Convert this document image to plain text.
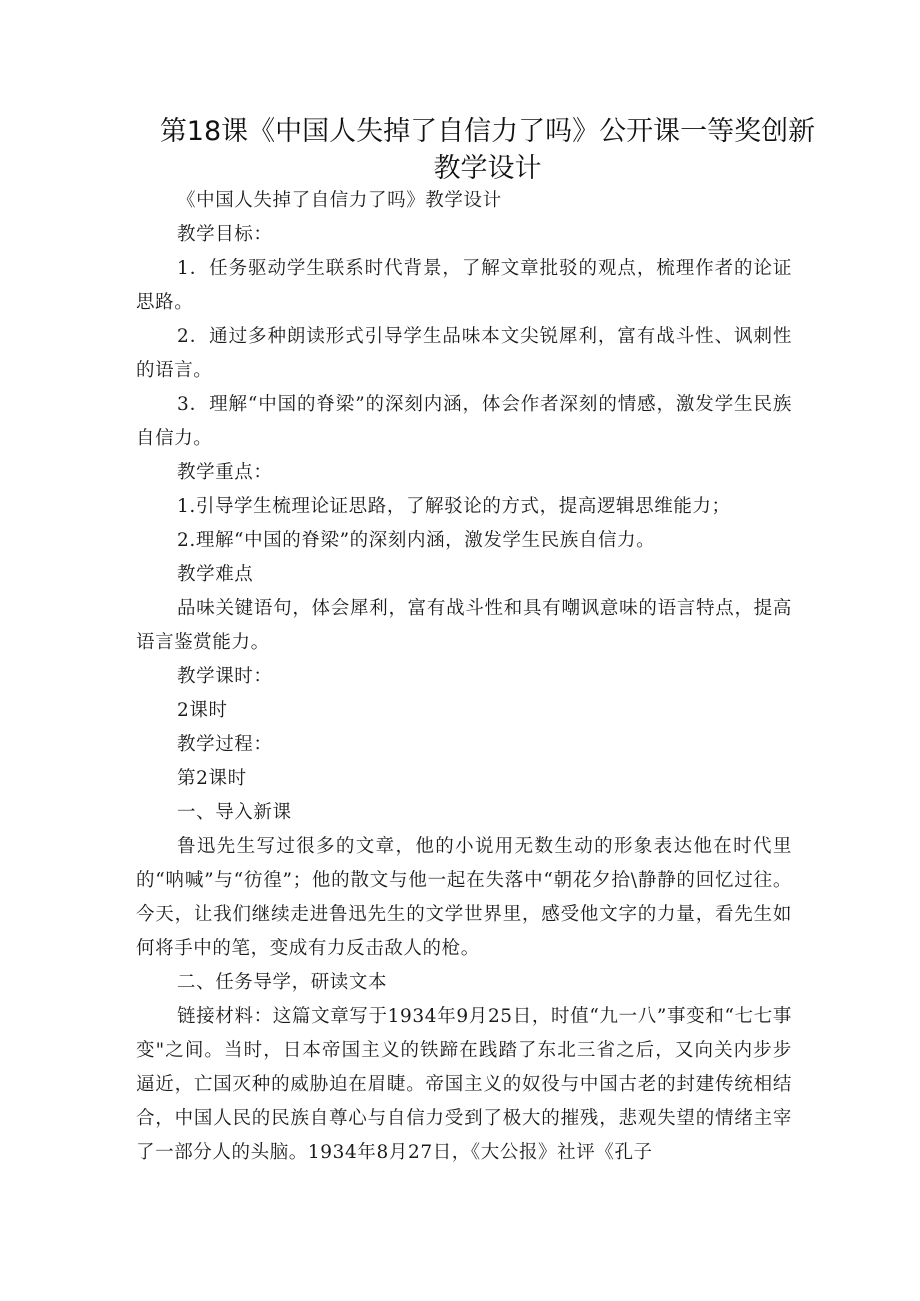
第18课《中国人失掉了自信力了吗》公开课一等奖创新
教学设计

《中国人失掉了自信力了吗》教学设计

教学目标：

1．任务驱动学生联系时代背景，了解文章批驳的观点，梳理作者的论证思路。

2．通过多种朗读形式引导学生品味本文尖锐犀利，富有战斗性、讽刺性的语言。

3．理解“中国的脊梁”的深刻内涵，体会作者深刻的情感，激发学生民族自信力。

教学重点：

1.引导学生梳理论证思路，了解驳论的方式，提高逻辑思维能力；

2.理解“中国的脊梁”的深刻内涵，激发学生民族自信力。

教学难点

品味关键语句，体会犀利，富有战斗性和具有嘲讽意味的语言特点，提高语言鉴赏能力。

教学课时：

2课时

教学过程：

第2课时

一、导入新课

鲁迅先生写过很多的文章，他的小说用无数生动的形象表达他在时代里的“呐喊”与“彷徨”；他的散文与他一起在失落中“朝花夕拾\静静的回忆过往。今天，让我们继续走进鲁迅先生的文学世界里，感受他文字的力量，看先生如何将手中的笔，变成有力反击敌人的枪。

二、任务导学，研读文本

链接材料：这篇文章写于1934年9月25日，时值“九一八”事变和“七七事变"之间。当时，日本帝国主义的铁蹄在践踏了东北三省之后，又向关内步步逼近，亡国灭种的威胁迫在眉睫。帝国主义的奴役与中国古老的封建传统相结合，中国人民的民族自尊心与自信力受到了极大的摧残，悲观失望的情绪主宰了一部分人的头脑。1934年8月27日，《大公报》社评《孔子
